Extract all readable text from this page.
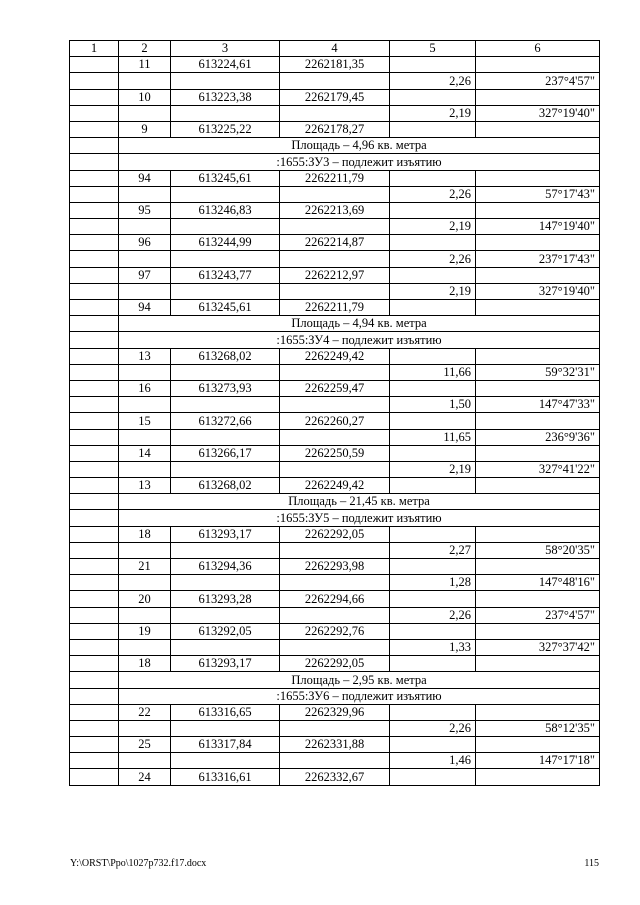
1	2	3	4	5	6
	11	613224,61	2262181,35		
				2,26	237°4'57"
	10	613223,38	2262179,45		
				2,19	327°19'40"
	9	613225,22	2262178,27		
	Площадь – 4,96 кв. метра				
	:1655:ЗУ3 – подлежит изъятию				
	94	613245,61	2262211,79		
				2,26	57°17'43"
	95	613246,83	2262213,69		
				2,19	147°19'40"
	96	613244,99	2262214,87		
				2,26	237°17'43"
	97	613243,77	2262212,97		
				2,19	327°19'40"
	94	613245,61	2262211,79		
	Площадь – 4,94 кв. метра				
	:1655:ЗУ4 – подлежит изъятию				
	13	613268,02	2262249,42		
				11,66	59°32'31"
	16	613273,93	2262259,47		
				1,50	147°47'33"
	15	613272,66	2262260,27		
				11,65	236°9'36"
	14	613266,17	2262250,59		
				2,19	327°41'22"
	13	613268,02	2262249,42		
	Площадь – 21,45 кв. метра				
	:1655:ЗУ5 – подлежит изъятию				
	18	613293,17	2262292,05		
				2,27	58°20'35"
	21	613294,36	2262293,98		
				1,28	147°48'16"
	20	613293,28	2262294,66		
				2,26	237°4'57"
	19	613292,05	2262292,76		
				1,33	327°37'42"
	18	613293,17	2262292,05		
	Площадь – 2,95 кв. метра				
	:1655:ЗУ6 – подлежит изъятию				
	22	613316,65	2262329,96		
				2,26	58°12'35"
	25	613317,84	2262331,88		
				1,46	147°17'18"
	24	613316,61	2262332,67		
Y:\ORST\Ppo\1027p732.f17.docx	115
